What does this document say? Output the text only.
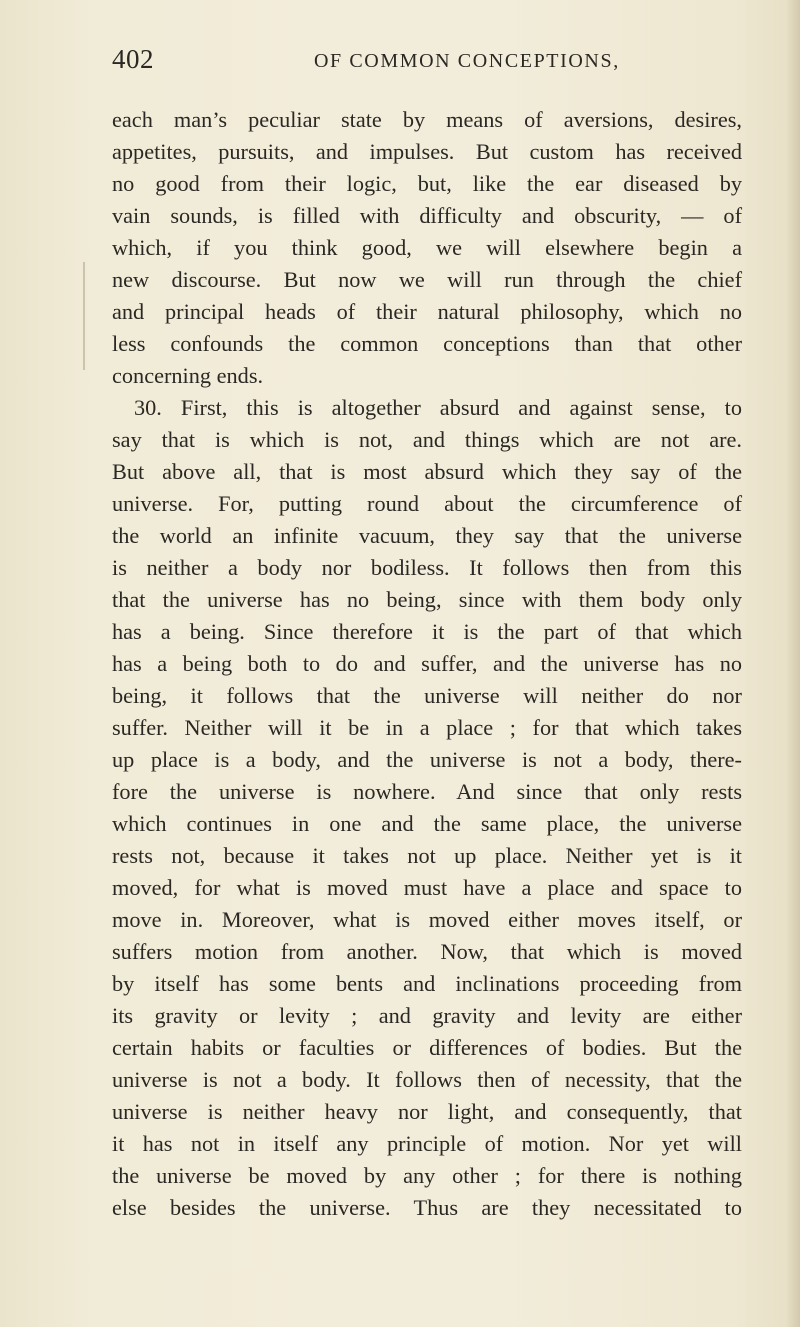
402	OF COMMON CONCEPTIONS,
each man’s peculiar state by means of aversions, desires,
appetites, pursuits, and impulses. But custom has received
no good from their logic, but, like the ear diseased by
vain sounds, is filled with difficulty and obscurity, — of
which, if you think good, we will elsewhere begin a
new discourse. But now we will run through the chief
and principal heads of their natural philosophy, which no
less confounds the common conceptions than that other
concerning ends.
30. First, this is altogether absurd and against sense, to
say that is which is not, and things which are not are.
But above all, that is most absurd which they say of the
universe. For, putting round about the circumference of
the world an infinite vacuum, they say that the universe
is neither a body nor bodiless. It follows then from this
that the universe has no being, since with them body only
has a being. Since therefore it is the part of that which
has a being both to do and suffer, and the universe has no
being, it follows that the universe will neither do nor
suffer. Neither will it be in a place ; for that which takes
up place is a body, and the universe is not a body, there-
fore the universe is nowhere. And since that only rests
which continues in one and the same place, the universe
rests not, because it takes not up place. Neither yet is it
moved, for what is moved must have a place and space to
move in. Moreover, what is moved either moves itself, or
suffers motion from another. Now, that which is moved
by itself has some bents and inclinations proceeding from
its gravity or levity ; and gravity and levity are either
certain habits or faculties or differences of bodies. But the
universe is not a body. It follows then of necessity, that the
universe is neither heavy nor light, and consequently, that
it has not in itself any principle of motion. Nor yet will
the universe be moved by any other ; for there is nothing
else besides the universe. Thus are they necessitated to
